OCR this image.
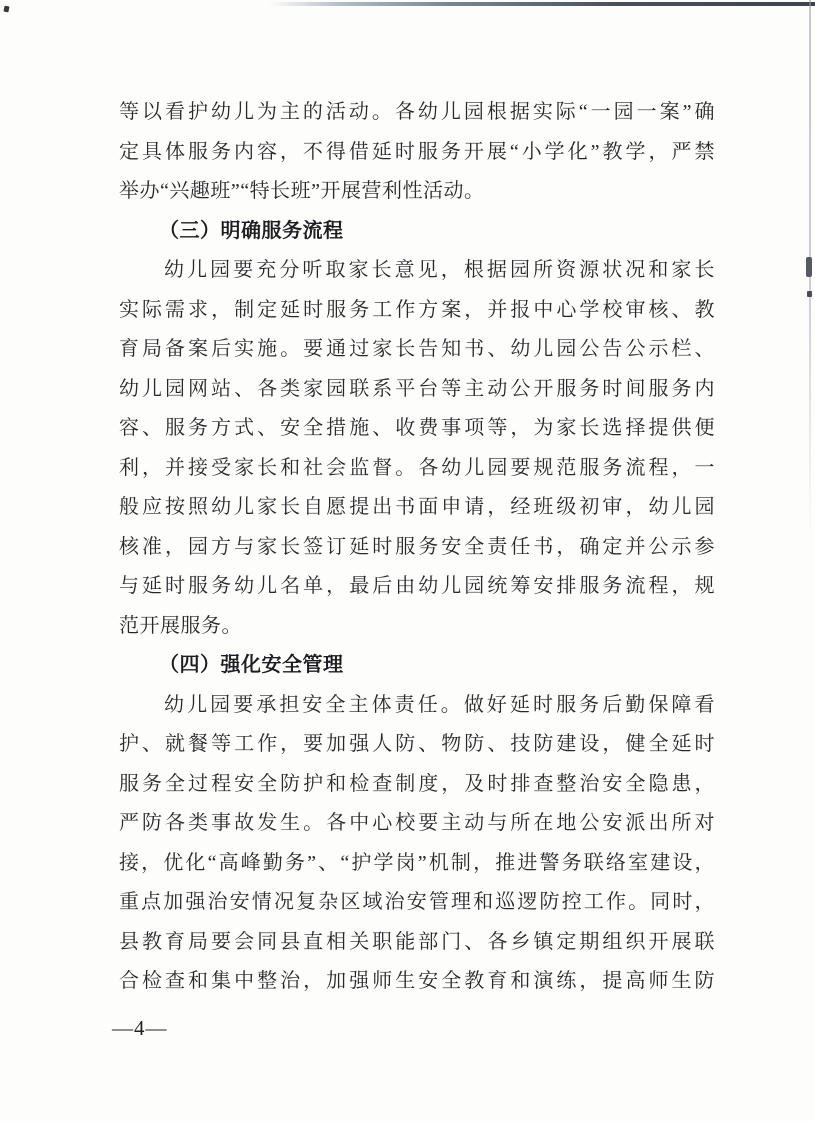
等以看护幼儿为主的活动。各幼儿园根据实际“一园一案”确
定具体服务内容，不得借延时服务开展“小学化”教学，严禁
举办“兴趣班”“特长班”开展营利性活动。
（三）明确服务流程
幼儿园要充分听取家长意见，根据园所资源状况和家长
实际需求，制定延时服务工作方案，并报中心学校审核、教
育局备案后实施。要通过家长告知书、幼儿园公告公示栏、
幼儿园网站、各类家园联系平台等主动公开服务时间服务内
容、服务方式、安全措施、收费事项等，为家长选择提供便
利，并接受家长和社会监督。各幼儿园要规范服务流程，一
般应按照幼儿家长自愿提出书面申请，经班级初审，幼儿园
核准，园方与家长签订延时服务安全责任书，确定并公示参
与延时服务幼儿名单，最后由幼儿园统筹安排服务流程，规
范开展服务。
（四）强化安全管理
幼儿园要承担安全主体责任。做好延时服务后勤保障看
护、就餐等工作，要加强人防、物防、技防建设，健全延时
服务全过程安全防护和检查制度，及时排查整治安全隐患，
严防各类事故发生。各中心校要主动与所在地公安派出所对
接，优化“高峰勤务”、“护学岗”机制，推进警务联络室建设，
重点加强治安情况复杂区域治安管理和巡逻防控工作。同时，
县教育局要会同县直相关职能部门、各乡镇定期组织开展联
合检查和集中整治，加强师生安全教育和演练，提高师生防
—4—
